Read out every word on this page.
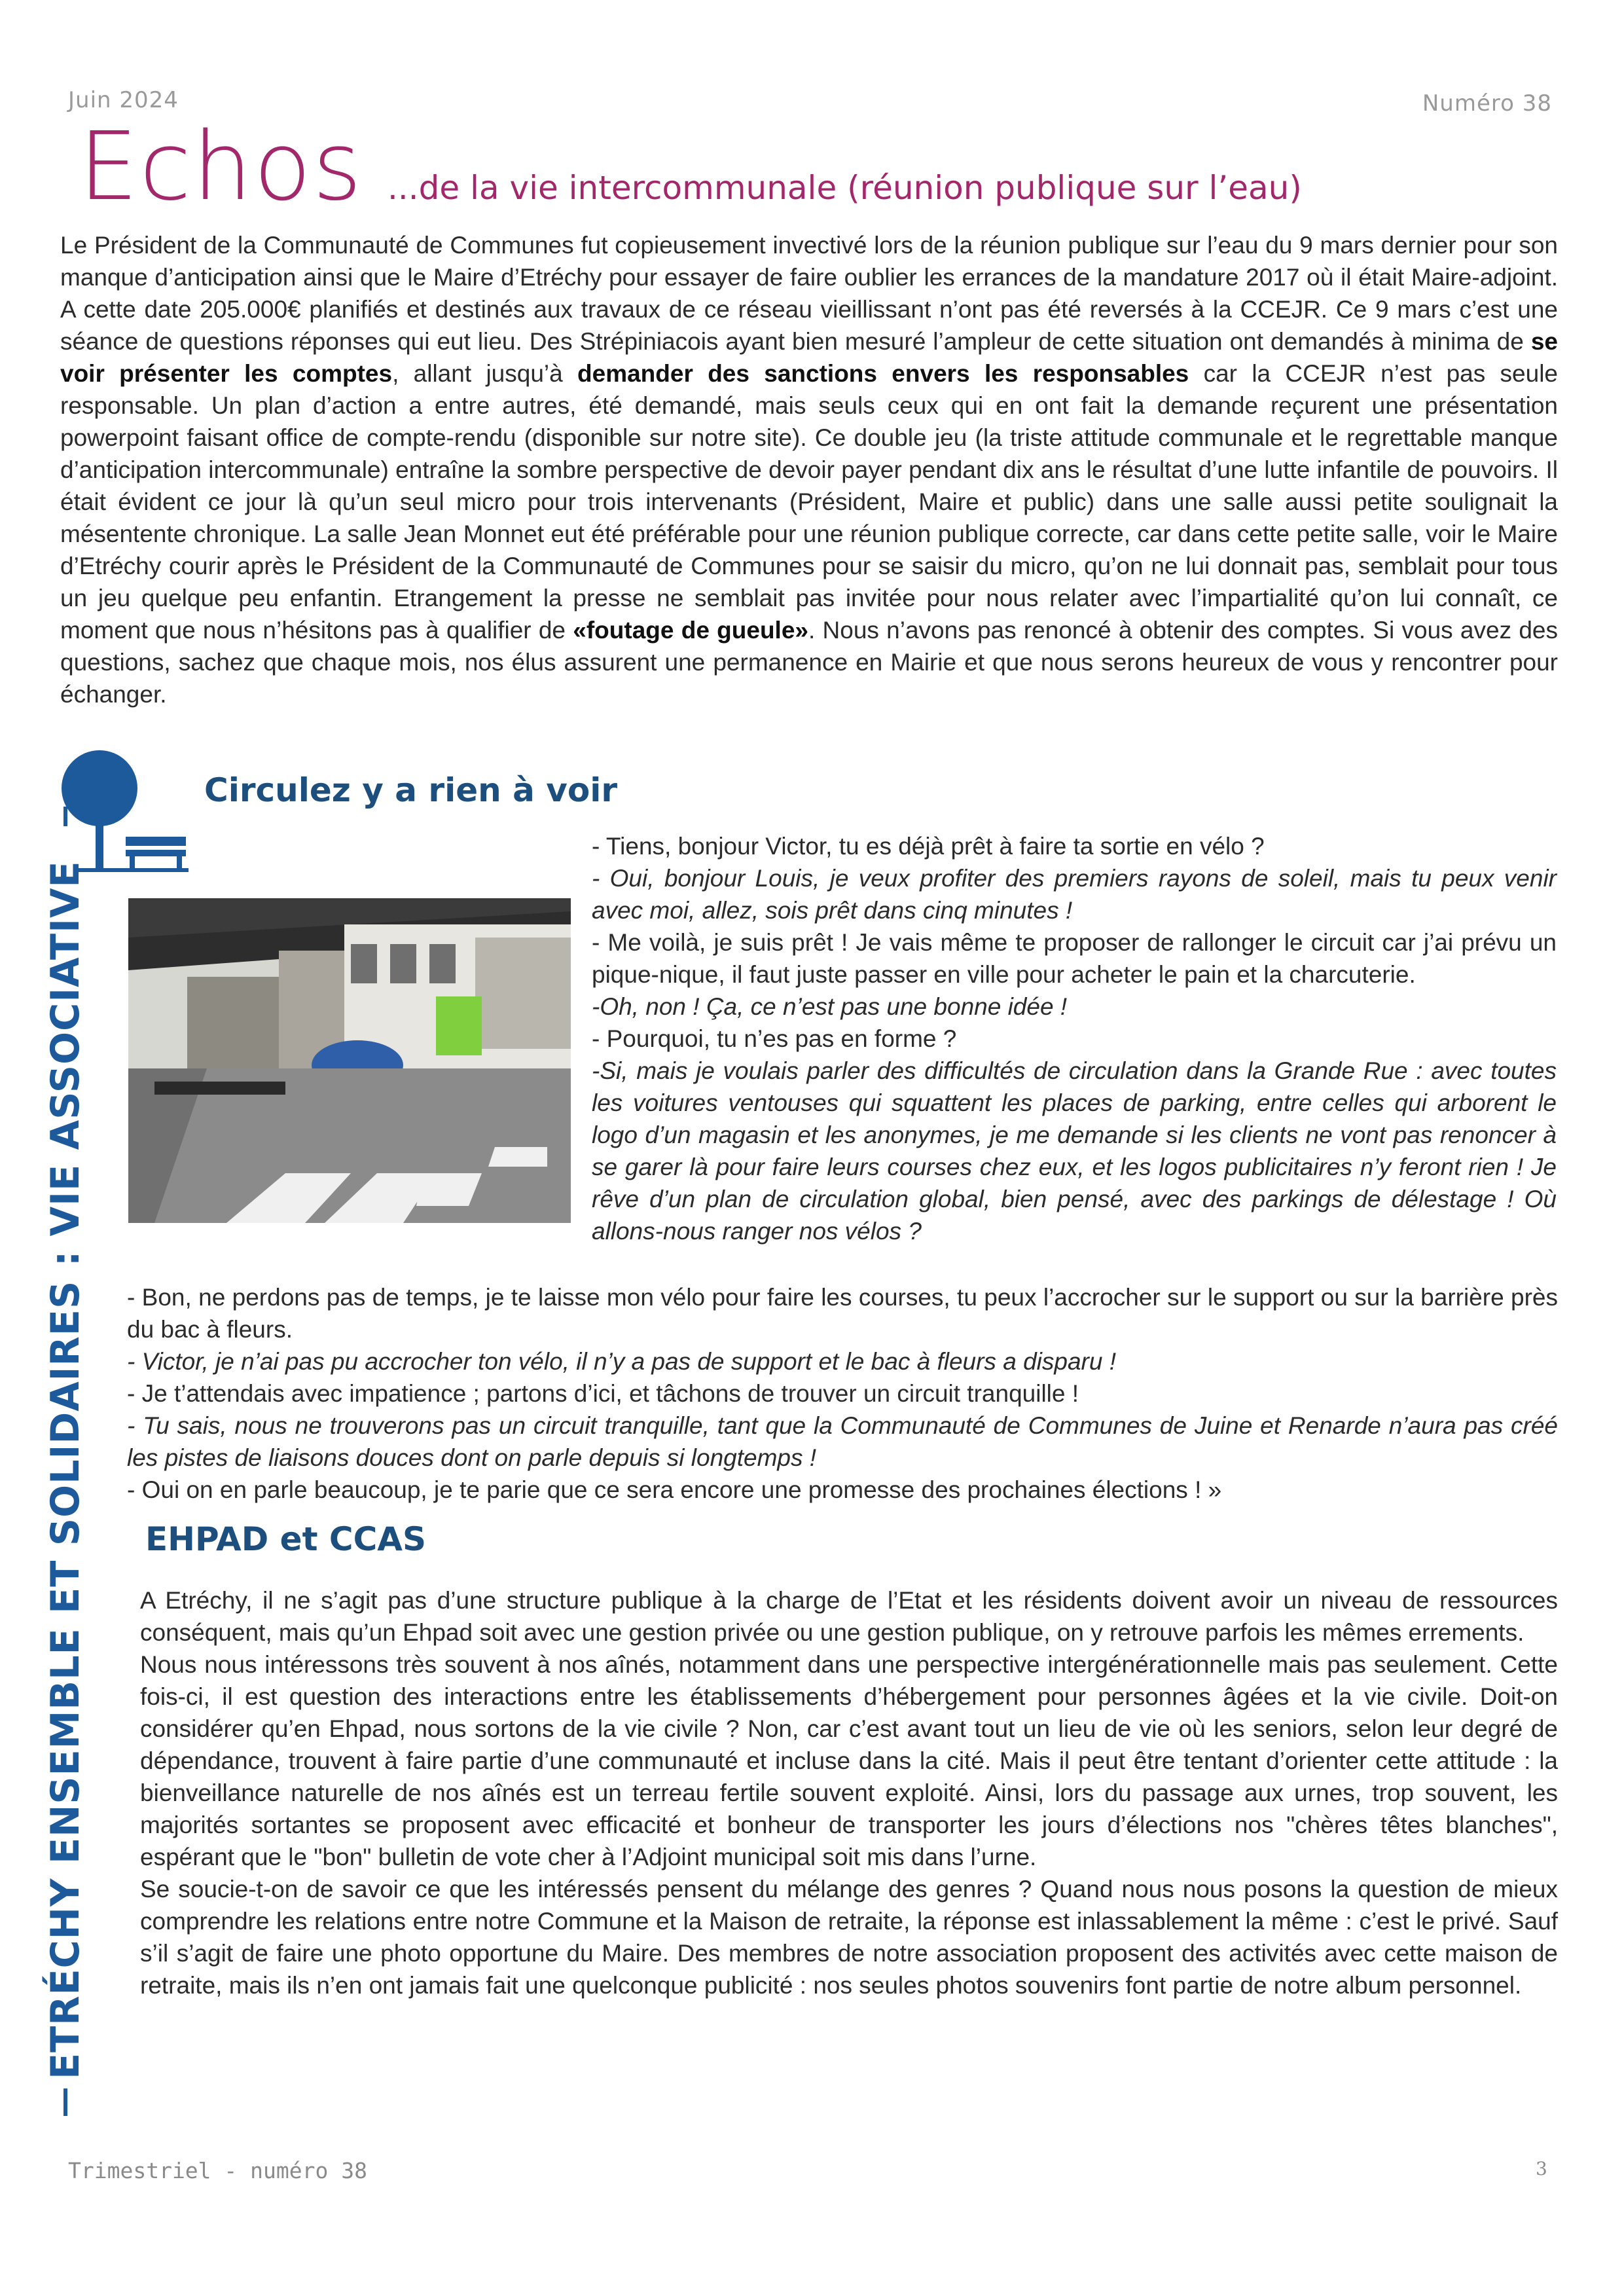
Juin 2024	Numéro 38
Echos ...de la vie intercommunale (réunion publique sur l’eau)
Le Président de la Communauté de Communes fut copieusement invectivé lors de la réunion publique sur l’eau du 9 mars dernier pour son manque d’anticipation ainsi que le Maire d’Etréchy pour essayer de faire oublier les errances de la mandature 2017 où il était Maire-adjoint. A cette date 205.000€ planifiés et destinés aux travaux de ce réseau vieillissant n’ont pas été reversés à la CCEJR. Ce 9 mars c’est une séance de questions réponses qui eut lieu. Des Strépiniacois ayant bien mesuré l’ampleur de cette situation ont demandés à minima de se voir présenter les comptes, allant jusqu’à demander des sanctions envers les responsables car la CCEJR n’est pas seule responsable. Un plan d’action a entre autres, été demandé, mais seuls ceux qui en ont fait la demande reçurent une présentation powerpoint faisant office de compte-rendu (disponible sur notre site). Ce double jeu (la triste attitude communale et le regrettable manque d’anticipation intercommunale) entraîne la sombre perspective de devoir payer pendant dix ans le résultat d’une lutte infantile de pouvoirs. Il était évident ce jour là qu’un seul micro pour trois intervenants (Président, Maire et public) dans une salle aussi petite soulignait la mésentente chronique. La salle Jean Monnet eut été préférable pour une réunion publique correcte, car dans cette petite salle, voir le Maire d’Etréchy courir après le Président de la Communauté de Communes pour se saisir du micro, qu’on ne lui donnait pas, semblait pour tous un jeu quelque peu enfantin. Etrangement la presse ne semblait pas invitée pour nous relater avec l’impartialité qu’on lui connaît, ce moment que nous n’hésitons pas à qualifier de «foutage de gueule». Nous n’avons pas renoncé à obtenir des comptes. Si vous avez des questions, sachez que chaque mois, nos élus assurent une permanence en Mairie et que nous serons heureux de vous y rencontrer pour échanger.
ETRÉCHY ENSEMBLE ET SOLIDAIRES : VIE ASSOCIATIVE
Circulez y a rien à voir

- Tiens, bonjour Victor, tu es déjà prêt à faire ta sortie en vélo ?

- Oui, bonjour Louis, je veux profiter des premiers rayons de soleil, mais tu peux venir avec moi, allez, sois prêt dans cinq minutes !

- Me voilà, je suis prêt ! Je vais même te proposer de rallonger le circuit car j’ai prévu un pique-nique, il faut juste passer en ville pour acheter le pain et la charcuterie.

-Oh, non ! Ça, ce n’est pas une bonne idée !

- Pourquoi, tu n’es pas en forme ?

-Si, mais je voulais parler des difficultés de circulation dans la Grande Rue : avec toutes les voitures ventouses qui squattent les places de parking, entre celles qui arborent le logo d’un magasin et les anonymes, je me demande si les clients ne vont pas renoncer à se garer là pour faire leurs courses chez eux, et les logos publicitaires n’y feront rien ! Je rêve d’un plan de circulation global, bien pensé, avec des parkings de délestage ! Où allons-nous ranger nos vélos ?

- Bon, ne perdons pas de temps, je te laisse mon vélo pour faire les courses, tu peux l’accrocher sur le support ou sur la barrière près du bac à fleurs.

- Victor, je n’ai pas pu accrocher ton vélo, il n’y a pas de support et le bac à fleurs a disparu !

- Je t’attendais avec impatience ; partons d’ici, et tâchons de trouver un circuit tranquille !

- Tu sais, nous ne trouverons pas un circuit tranquille, tant que la Communauté de Communes de Juine et Renarde n’aura pas créé les pistes de liaisons douces dont on parle depuis si longtemps !

- Oui on en parle beaucoup, je te parie que ce sera encore une promesse des prochaines élections ! »

EHPAD et CCAS

A Etréchy, il ne s’agit pas d’une structure publique à la charge de l’Etat et les résidents doivent avoir un niveau de ressources conséquent, mais qu’un Ehpad soit avec une gestion privée ou une gestion publique, on y retrouve parfois les mêmes errements.

Nous nous intéressons très souvent à nos aînés, notamment dans une perspective intergénérationnelle mais pas seulement. Cette fois-ci, il est question des interactions entre les établissements d’hébergement pour personnes âgées et la vie civile. Doit-on considérer qu’en Ehpad, nous sortons de la vie civile ? Non, car c’est avant tout un lieu de vie où les seniors, selon leur degré de dépendance, trouvent à faire partie d’une communauté et incluse dans la cité. Mais il peut être tentant d’orienter cette attitude : la bienveillance naturelle de nos aînés est un terreau fertile souvent exploité. Ainsi, lors du passage aux urnes, trop souvent, les majorités sortantes se proposent avec efficacité et bonheur de transporter les jours d’élections nos "chères têtes blanches", espérant que le "bon" bulletin de vote cher à l’Adjoint municipal soit mis dans l’urne.

Se soucie-t-on de savoir ce que les intéressés pensent du mélange des genres ? Quand nous nous posons la question de mieux comprendre les relations entre notre Commune et la Maison de retraite, la réponse est inlassablement la même : c’est le privé. Sauf s’il s’agit de faire une photo opportune du Maire. Des membres de notre association proposent des activités avec cette maison de retraite, mais ils n’en ont jamais fait une quelconque publicité : nos seules photos souvenirs font partie de notre album personnel.

Trimestriel - numéro 38	3
